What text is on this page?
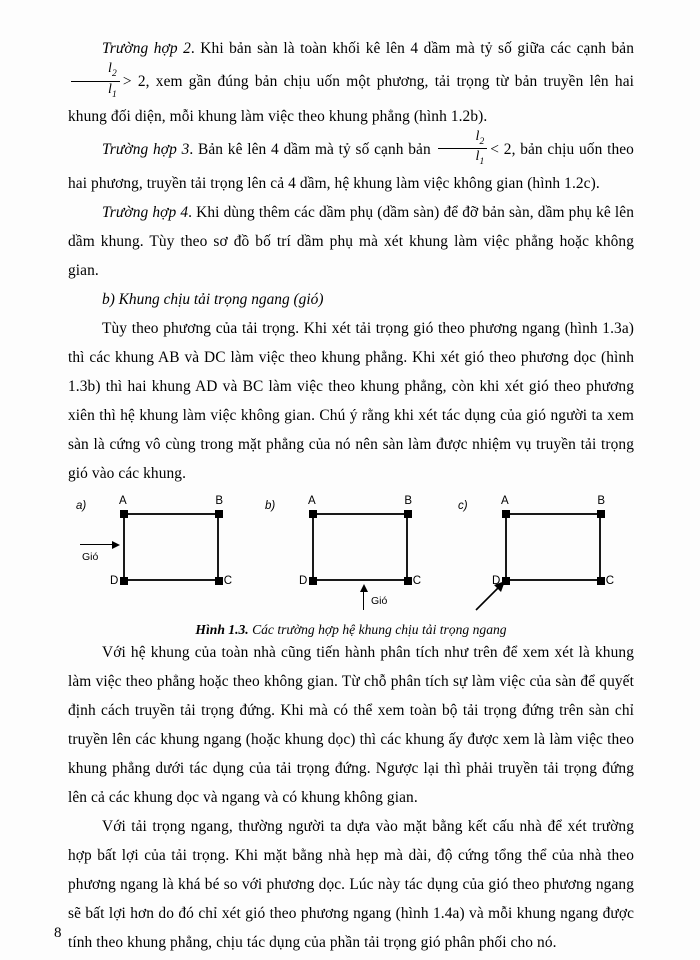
Trường hợp 2. Khi bản sàn là toàn khối kê lên 4 dầm mà tỷ số giữa các cạnh bản
$\frac{l_2}{l_1} > 2$, xem gần đúng bản chịu uốn một phương, tải trọng từ bản truyền lên hai khung đối diện, mỗi khung làm việc theo khung phẳng (hình 1.2b).

Trường hợp 3. Bản kê lên 4 dầm mà tỷ số cạnh bản $\frac{l_2}{l_1} < 2$, bản chịu uốn theo hai phương, truyền tải trọng lên cả 4 dầm, hệ khung làm việc không gian (hình 1.2c).

Trường hợp 4. Khi dùng thêm các dầm phụ (dầm sàn) để đỡ bản sàn, dầm phụ kê lên dầm khung. Tùy theo sơ đồ bố trí dầm phụ mà xét khung làm việc phẳng hoặc không gian.

b) Khung chịu tải trọng ngang (gió)

Tùy theo phương của tải trọng. Khi xét tải trọng gió theo phương ngang (hình 1.3a) thì các khung AB và DC làm việc theo khung phẳng. Khi xét gió theo phương dọc (hình 1.3b) thì hai khung AD và BC làm việc theo khung phẳng, còn khi xét gió theo phương xiên thì hệ khung làm việc không gian. Chú ý rằng khi xét tác dụng của gió người ta xem sàn là cứng vô cùng trong mặt phẳng của nó nên sàn làm được nhiệm vụ truyền tải trọng gió vào các khung.

a)
Gió
A	B
C
D
b)
Gió
A	B
C
D
c)	A	B
C
D

Hình 1.3. Các trường hợp hệ khung chịu tải trọng ngang

Với hệ khung của toàn nhà cũng tiến hành phân tích như trên để xem xét là khung làm việc theo phẳng hoặc theo không gian. Từ chỗ phân tích sự làm việc của sàn để quyết định cách truyền tải trọng đứng. Khi mà có thể xem toàn bộ tải trọng đứng trên sàn chỉ truyền lên các khung ngang (hoặc khung dọc) thì các khung ấy được xem là làm việc theo khung phẳng dưới tác dụng của tải trọng đứng. Ngược lại thì phải truyền tải trọng đứng lên cả các khung dọc và ngang và có khung không gian.

Với tải trọng ngang, thường người ta dựa vào mặt bằng kết cấu nhà để xét trường hợp bất lợi của tải trọng. Khi mặt bằng nhà hẹp mà dài, độ cứng tổng thể của nhà theo phương ngang là khá bé so với phương dọc. Lúc này tác dụng của gió theo phương ngang sẽ bất lợi hơn do đó chỉ xét gió theo phương ngang (hình 1.4a) và mỗi khung ngang được tính theo khung phẳng, chịu tác dụng của phần tải trọng gió phân phối cho nó.

8
